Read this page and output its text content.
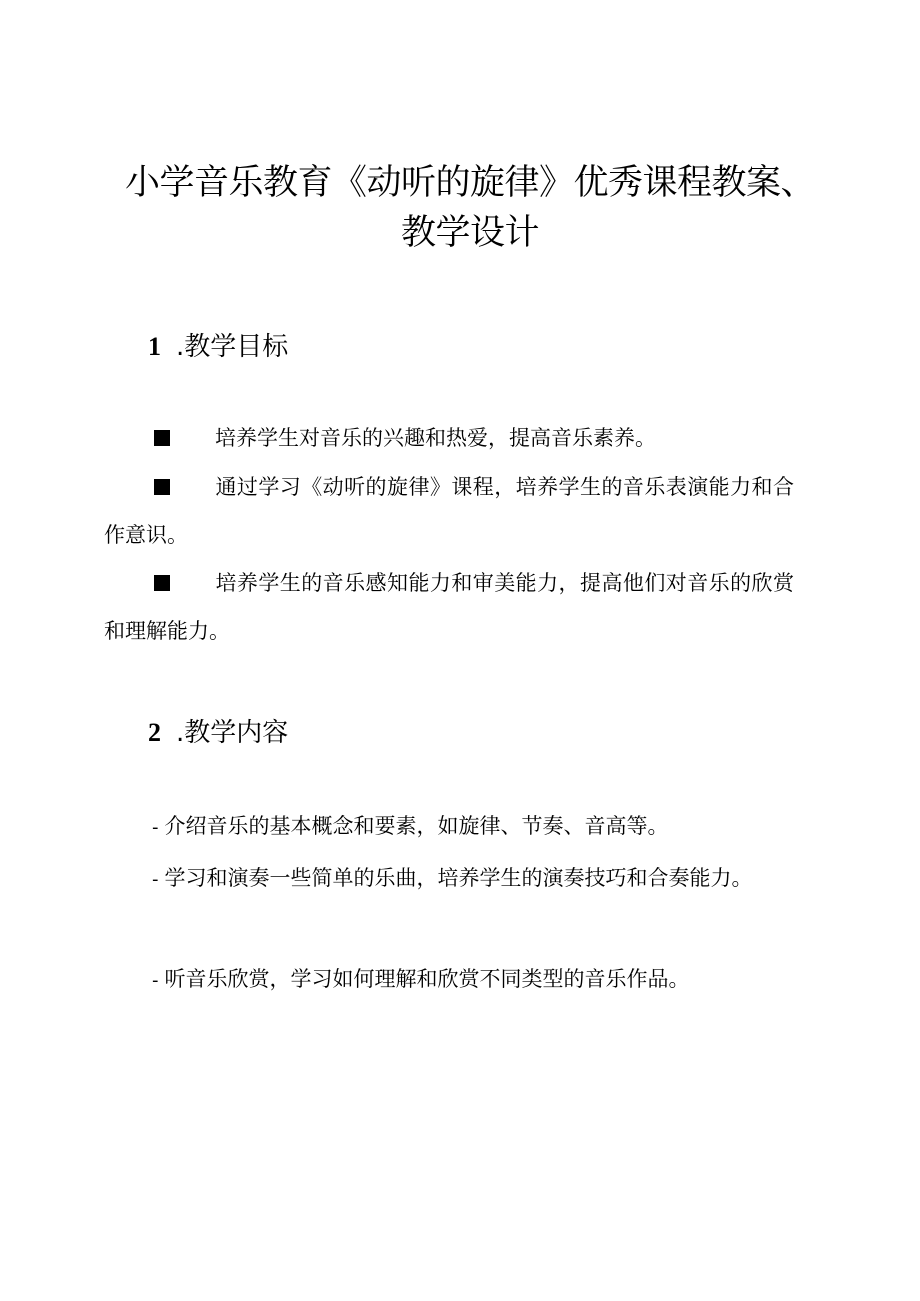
小学音乐教育《动听的旋律》优秀课程教案、教学设计
1 .教学目标

培养学生对音乐的兴趣和热爱，提高音乐素养。

通过学习《动听的旋律》课程，培养学生的音乐表演能力和合作意识。

培养学生的音乐感知能力和审美能力，提高他们对音乐的欣赏和理解能力。

2 .教学内容

- 介绍音乐的基本概念和要素，如旋律、节奏、音高等。

- 学习和演奏一些简单的乐曲，培养学生的演奏技巧和合奏能力。

- 听音乐欣赏，学习如何理解和欣赏不同类型的音乐作品。
